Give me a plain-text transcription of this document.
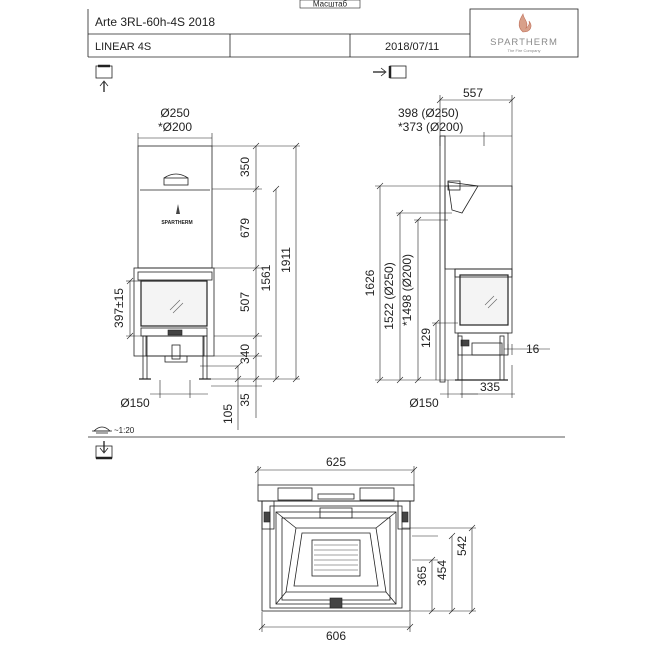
Масштаб
Arte 3RL-60h-4S 2018
LINEAR 4S	2018/07/11	SPARTHERM
The Fire Company
Ø250
*Ø200
SPARTHERM
350
679
507
340
1561
1911
397±15
35
105
Ø150
398 (Ø250)
*373 (Ø200)
557
1626 1522 (Ø250) *1498 (Ø200)
129
16
335
Ø150
~1:20
625
365 454
542
606
